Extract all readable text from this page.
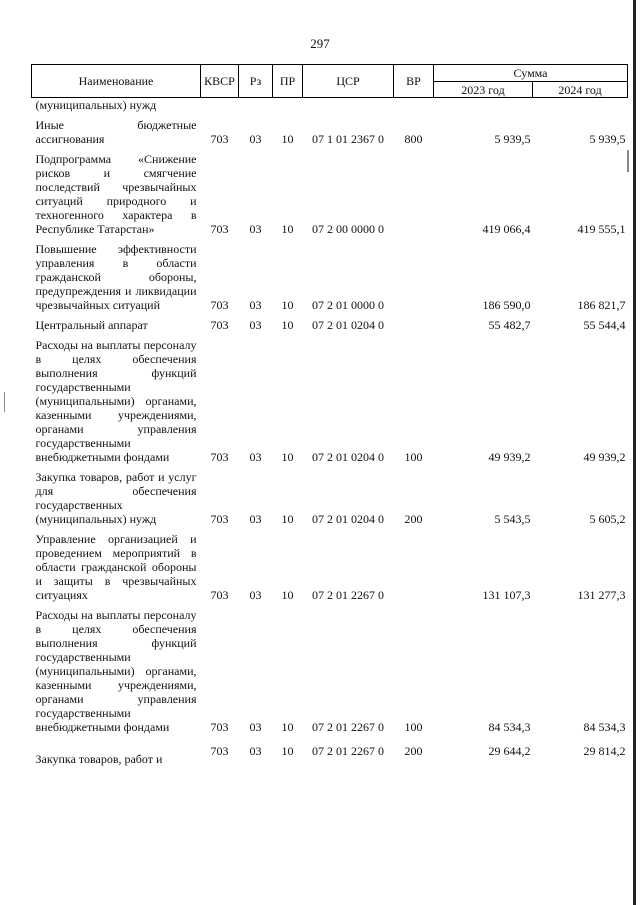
297
Наименование	КВСР	Рз	ПР	ЦСР	ВР	Сумма	
						2023 год	2024 год
(муниципальных) нужд							
Иные бюджетные ассигнования	703	03	10	07 1 01 2367 0	800	5 939,5	5 939,5
Подпрограмма «Снижение рисков и смягчение последствий чрезвычайных ситуаций природного и техногенного характера в Республике Татарстан»	703	03	10	07 2 00 0000 0		419 066,4	419 555,1
Повышение эффективности управления в области гражданской обороны, предупреждения и ликвидации чрезвычайных ситуаций	703	03	10	07 2 01 0000 0		186 590,0	186 821,7
Центральный аппарат	703	03	10	07 2 01 0204 0		55 482,7	55 544,4
Расходы на выплаты персоналу в целях обеспечения выполнения функций государственными (муниципальными) органами, казенными учреждениями, органами управления государственными внебюджетными фондами	703	03	10	07 2 01 0204 0	100	49 939,2	49 939,2
Закупка товаров, работ и услуг для обеспечения государственных (муниципальных) нужд	703	03	10	07 2 01 0204 0	200	5 543,5	5 605,2
Управление организацией и проведением мероприятий в области гражданской обороны и защиты в чрезвычайных ситуациях	703	03	10	07 2 01 2267 0		131 107,3	131 277,3
Расходы на выплаты персоналу в целях обеспечения выполнения функций государственными (муниципальными) органами, казенными учреждениями, органами управления государственными внебюджетными фондами	703	03	10	07 2 01 2267 0	100	84 534,3	84 534,3
Закупка товаров, работ и	703	03	10	07 2 01 2267 0	200	29 644,2	29 814,2
